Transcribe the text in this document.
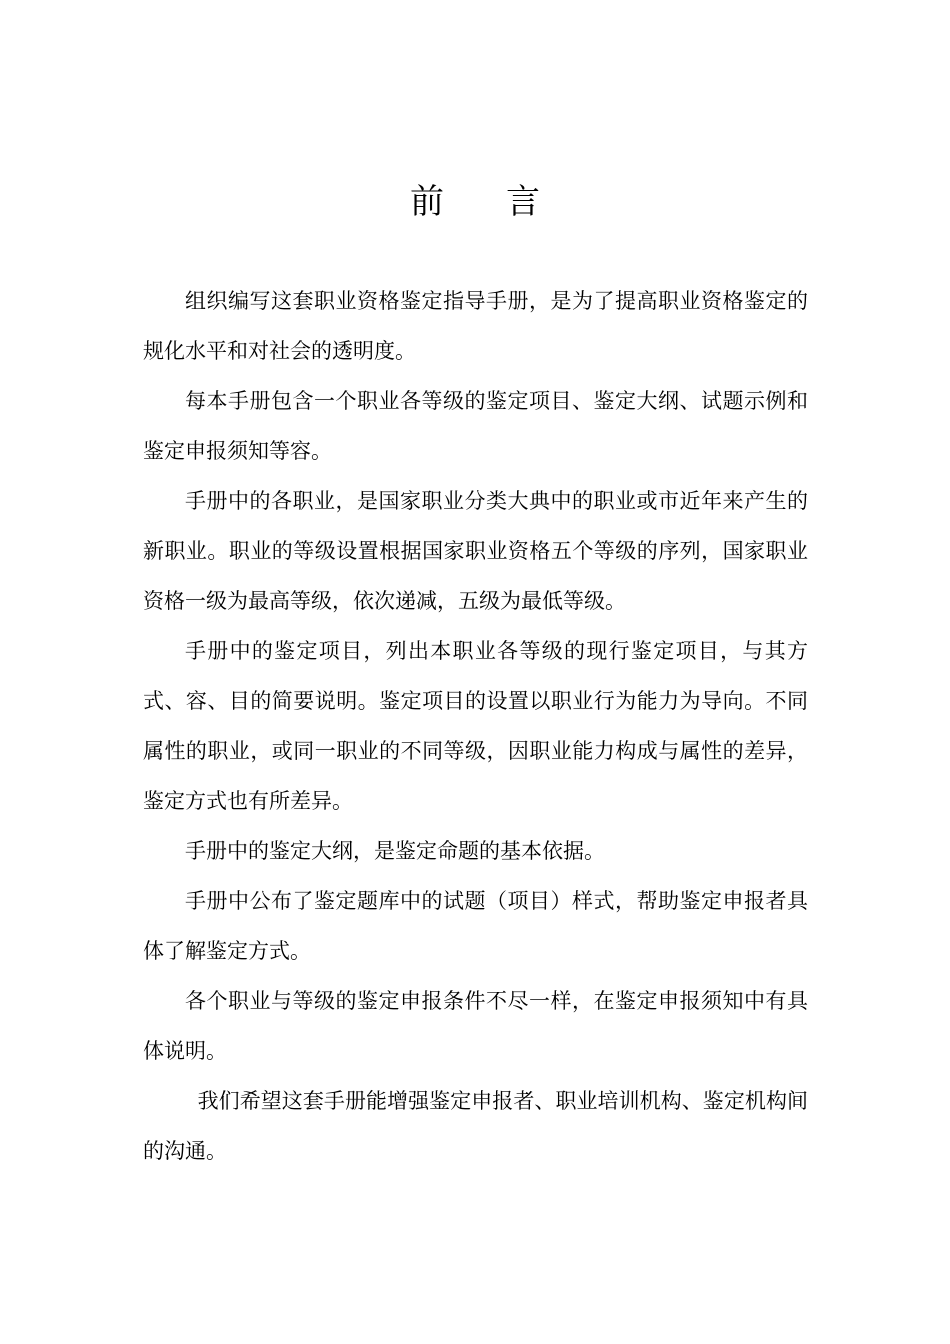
前 言

组织编写这套职业资格鉴定指导手册，是为了提高职业资格鉴定的规化水平和对社会的透明度。

每本手册包含一个职业各等级的鉴定项目、鉴定大纲、试题示例和鉴定申报须知等容。

手册中的各职业，是国家职业分类大典中的职业或市近年来产生的新职业。职业的等级设置根据国家职业资格五个等级的序列，国家职业资格一级为最高等级，依次递减，五级为最低等级。

手册中的鉴定项目，列出本职业各等级的现行鉴定项目，与其方式、容、目的简要说明。鉴定项目的设置以职业行为能力为导向。不同属性的职业，或同一职业的不同等级，因职业能力构成与属性的差异，鉴定方式也有所差异。

手册中的鉴定大纲，是鉴定命题的基本依据。

手册中公布了鉴定题库中的试题（项目）样式，帮助鉴定申报者具体了解鉴定方式。

各个职业与等级的鉴定申报条件不尽一样，在鉴定申报须知中有具体说明。

我们希望这套手册能增强鉴定申报者、职业培训机构、鉴定机构间的沟通。
